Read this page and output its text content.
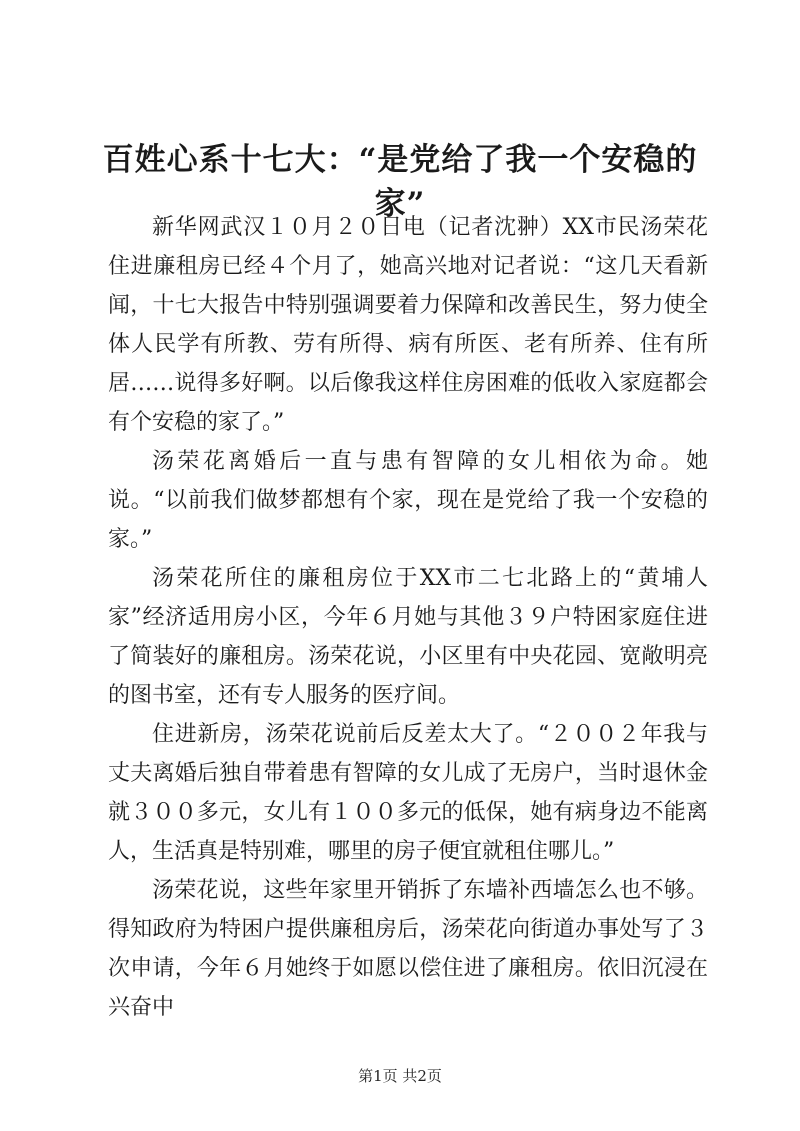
百姓心系十七大：“是党给了我一个安稳的家”

新华网武汉１０月２０日电（记者沈翀）XX市民汤荣花住进廉租房已经４个月了，她高兴地对记者说：“这几天看新闻，十七大报告中特别强调要着力保障和改善民生，努力使全体人民学有所教、劳有所得、病有所医、老有所养、住有所居……说得多好啊。以后像我这样住房困难的低收入家庭都会有个安稳的家了。”

汤荣花离婚后一直与患有智障的女儿相依为命。她说。“以前我们做梦都想有个家，现在是党给了我一个安稳的家。”

汤荣花所住的廉租房位于XX市二七北路上的“黄埔人家”经济适用房小区，今年６月她与其他３９户特困家庭住进了简装好的廉租房。汤荣花说，小区里有中央花园、宽敞明亮的图书室，还有专人服务的医疗间。

住进新房，汤荣花说前后反差太大了。“２００２年我与丈夫离婚后独自带着患有智障的女儿成了无房户，当时退休金就３００多元，女儿有１００多元的低保，她有病身边不能离人，生活真是特别难，哪里的房子便宜就租住哪儿。”

汤荣花说，这些年家里开销拆了东墙补西墙怎么也不够。得知政府为特困户提供廉租房后，汤荣花向街道办事处写了３次申请，今年６月她终于如愿以偿住进了廉租房。依旧沉浸在兴奋中

第1页 共2页
